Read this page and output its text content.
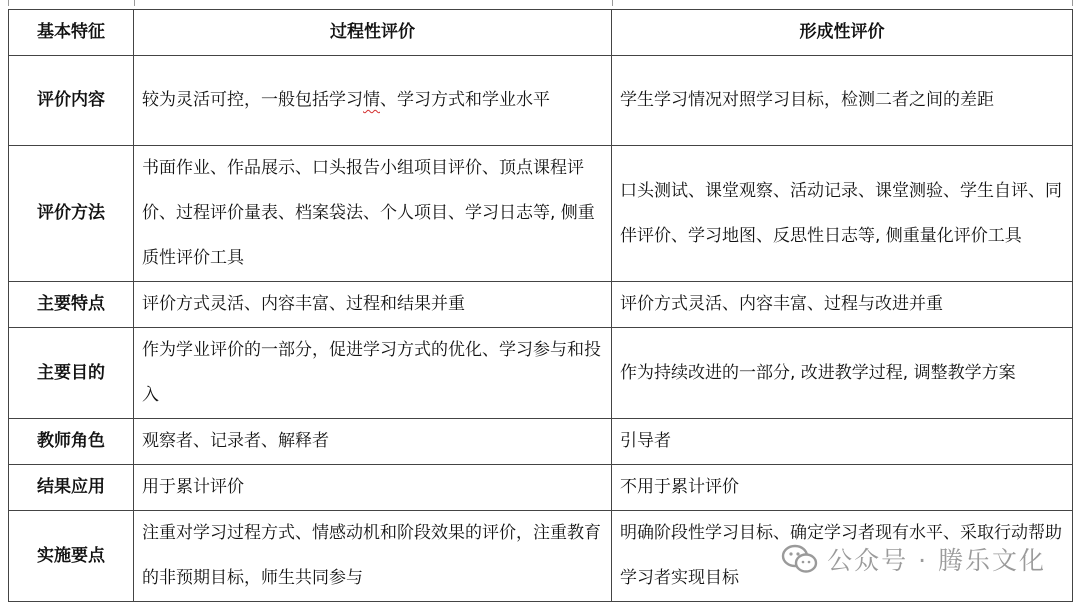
基本特征	过程性评价	形成性评价
评价内容	较为灵活可控，一般包括学习情、学习方式和学业水平	学生学习情况对照学习目标，检测二者之间的差距
评价方法	书面作业、作品展示、口头报告小组项目评价、顶点课程评价、过程评价量表、档案袋法、个人项目、学习日志等, 侧重质性评价工具	口头测试、课堂观察、活动记录、课堂测验、学生自评、同伴评价、学习地图、反思性日志等, 侧重量化评价工具
主要特点	评价方式灵活、内容丰富、过程和结果并重	评价方式灵活、内容丰富、过程与改进并重
主要目的	作为学业评价的一部分，促进学习方式的优化、学习参与和投入	作为持续改进的一部分, 改进教学过程, 调整教学方案
教师角色	观察者、记录者、解释者	引导者
结果应用	用于累计评价	不用于累计评价
实施要点	注重对学习过程方式、情感动机和阶段效果的评价，注重教育的非预期目标，师生共同参与	明确阶段性学习目标、确定学习者现有水平、采取行动帮助学习者实现目标
公众号 · 腾乐文化
